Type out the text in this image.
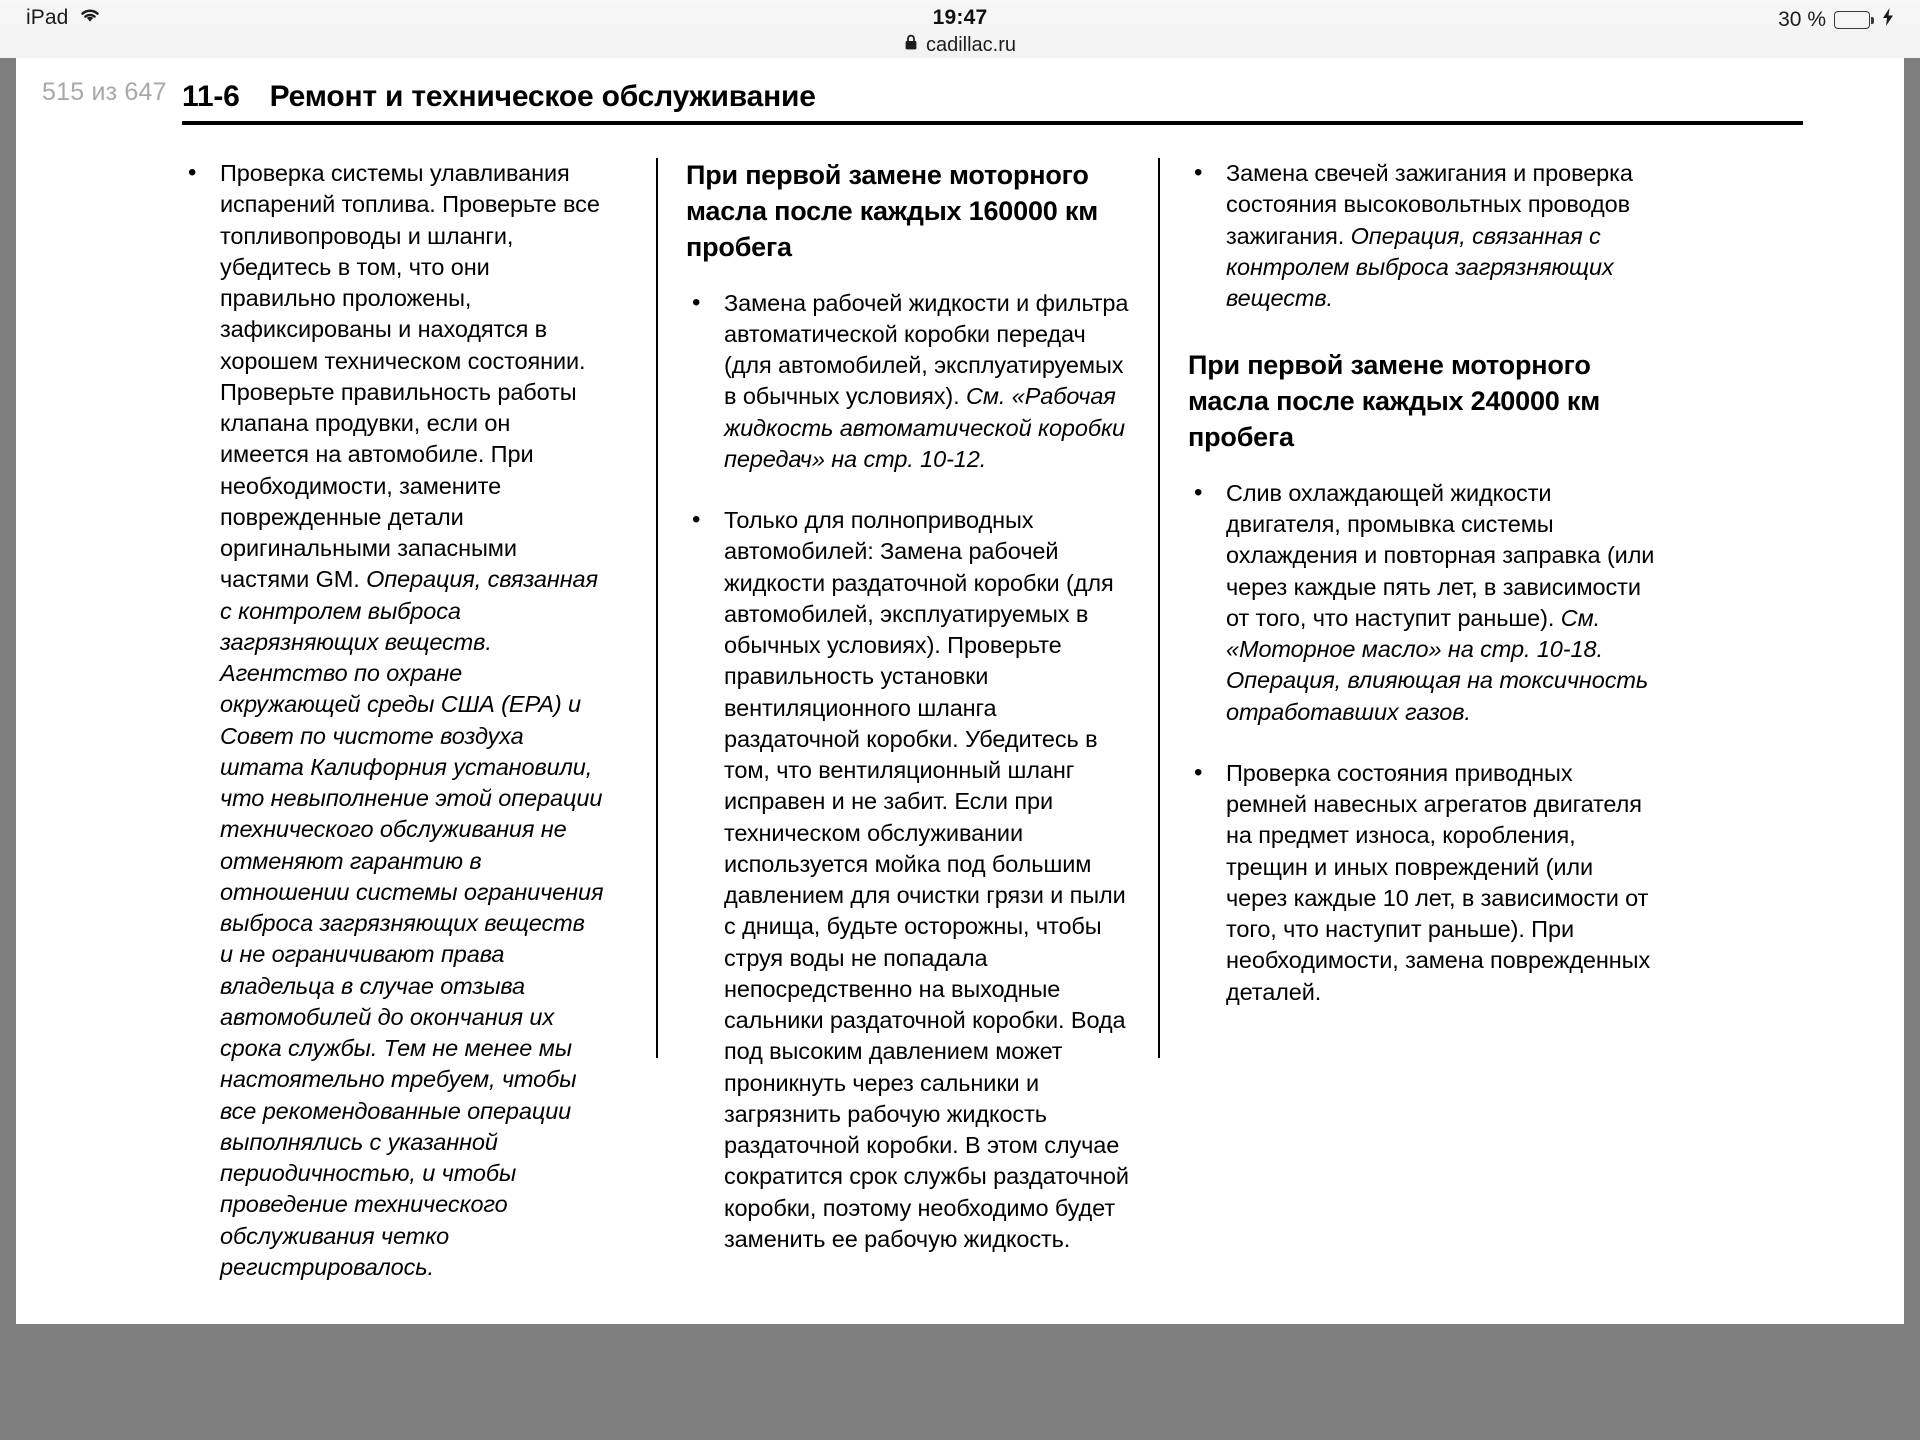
iPad	19:47
cadillac.ru
30 %
515 из 647 11-6 Ремонт и техническое обслуживание
• Проверка системы улавливания испарений топлива. Проверьте все топливопроводы и шланги, убедитесь в том, что они правильно проложены, зафиксированы и находятся в хорошем техническом состоянии. Проверьте правильность работы клапана продувки, если он имеется на автомобиле. При необходимости, замените поврежденные детали оригинальными запасными частями GM. Операция, связанная с контролем выброса загрязняющих веществ. Агентство по охране окружающей среды США (EPA) и Совет по чистоте воздуха штата Калифорния установили, что невыполнение этой операции технического обслуживания не отменяют гарантию в отношении системы ограничения выброса загрязняющих веществ и не ограничивают права владельца в случае отзыва автомобилей до окончания их срока службы. Тем не менее мы настоятельно требуем, чтобы все рекомендованные операции выполнялись с указанной периодичностью, и чтобы проведение технического обслуживания четко регистрировалось.
При первой замене моторного масла после каждых 160000 км пробега
• Замена рабочей жидкости и фильтра автоматической коробки передач (для автомобилей, эксплуатируемых в обычных условиях). См. «Рабочая жидкость автоматической коробки передач» на стр. 10-12.
• Только для полноприводных автомобилей: Замена рабочей жидкости раздаточной коробки (для автомобилей, эксплуатируемых в обычных условиях). Проверьте правильность установки вентиляционного шланга раздаточной коробки. Убедитесь в том, что вентиляционный шланг исправен и не забит. Если при техническом обслуживании используется мойка под большим давлением для очистки грязи и пыли с днища, будьте осторожны, чтобы струя воды не попадала непосредственно на выходные сальники раздаточной коробки. Вода под высоким давлением может проникнуть через сальники и загрязнить рабочую жидкость раздаточной коробки. В этом случае сократится срок службы раздаточной коробки, поэтому необходимо будет заменить ее рабочую жидкость.
• Замена свечей зажигания и проверка состояния высоковольтных проводов зажигания. Операция, связанная с контролем выброса загрязняющих веществ.
При первой замене моторного масла после каждых 240000 км пробега
• Слив охлаждающей жидкости двигателя, промывка системы охлаждения и повторная заправка (или через каждые пять лет, в зависимости от того, что наступит раньше). См. «Моторное масло» на стр. 10-18. Операция, влияющая на токсичность отработавших газов.
• Проверка состояния приводных ремней навесных агрегатов двигателя на предмет износа, коробления, трещин и иных повреждений (или через каждые 10 лет, в зависимости от того, что наступит раньше). При необходимости, замена поврежденных деталей.
